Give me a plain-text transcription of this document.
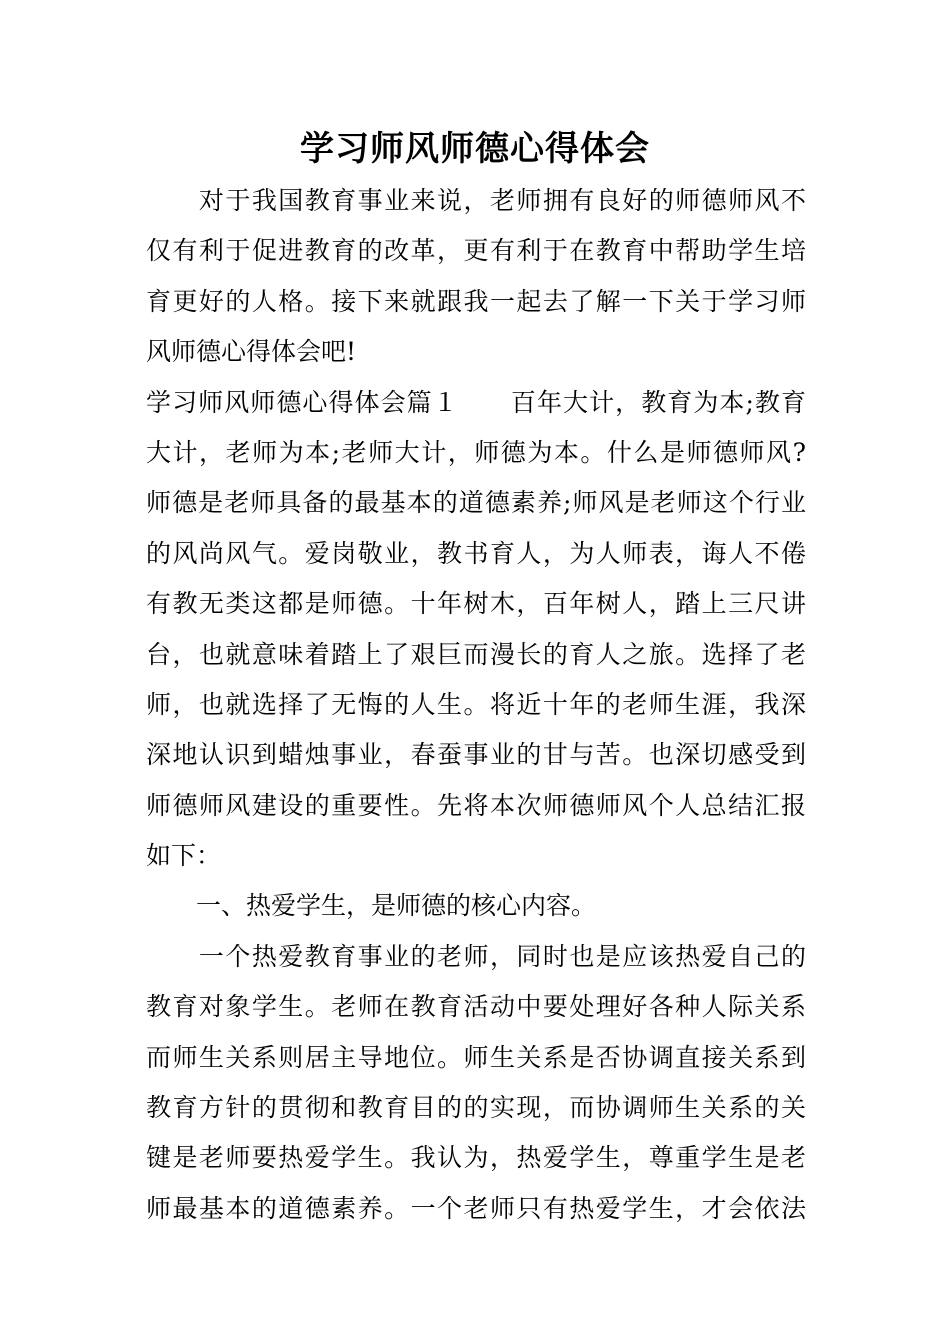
学习师风师德心得体会
　　对于我国教育事业来说，老师拥有良好的师德师风不
仅有利于促进教育的改革，更有利于在教育中帮助学生培
育更好的人格。接下来就跟我一起去了解一下关于学习师
风师德心得体会吧!
学习师风师德心得体会篇１　　百年大计，教育为本;教育
大计，老师为本;老师大计，师德为本。什么是师德师风?
师德是老师具备的最基本的道德素养;师风是老师这个行业
的风尚风气。爱岗敬业，教书育人，为人师表，诲人不倦
有教无类这都是师德。十年树木，百年树人，踏上三尺讲
台，也就意味着踏上了艰巨而漫长的育人之旅。选择了老
师，也就选择了无悔的人生。将近十年的老师生涯，我深
深地认识到蜡烛事业，春蚕事业的甘与苦。也深切感受到
师德师风建设的重要性。先将本次师德师风个人总结汇报
如下：
　　一、热爱学生，是师德的核心内容。
　　一个热爱教育事业的老师，同时也是应该热爱自己的
教育对象学生。老师在教育活动中要处理好各种人际关系
而师生关系则居主导地位。师生关系是否协调直接关系到
教育方针的贯彻和教育目的的实现，而协调师生关系的关
键是老师要热爱学生。我认为，热爱学生，尊重学生是老
师最基本的道德素养。一个老师只有热爱学生，才会依法
